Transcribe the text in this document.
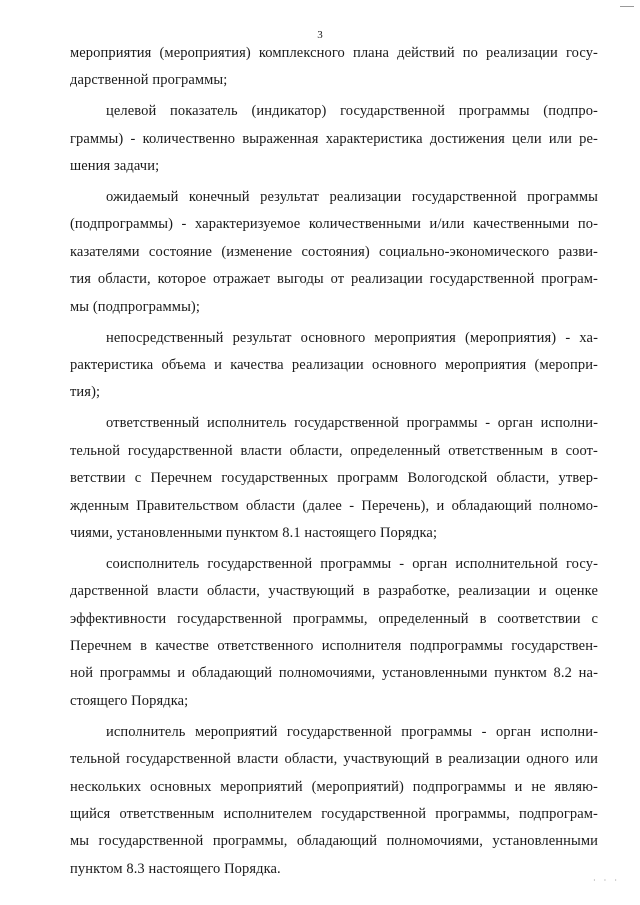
3
мероприятия (мероприятия) комплексного плана действий по реализации госу-
дарственной программы;
целевой показатель (индикатор) государственной программы (подпро-
граммы) - количественно выраженная характеристика достижения цели или ре-
шения задачи;
ожидаемый конечный результат реализации государственной программы
(подпрограммы) - характеризуемое количественными и/или качественными по-
казателями состояние (изменение состояния) социально-экономического разви-
тия области, которое отражает выгоды от реализации государственной програм-
мы (подпрограммы);
непосредственный результат основного мероприятия (мероприятия) - ха-
рактеристика объема и качества реализации основного мероприятия (меропри-
тия);
ответственный исполнитель государственной программы - орган исполни-
тельной государственной власти области, определенный ответственным в соот-
ветствии с Перечнем государственных программ Вологодской области, утвер-
жденным Правительством области (далее - Перечень), и обладающий полномо-
чиями, установленными пунктом 8.1 настоящего Порядка;
соисполнитель государственной программы - орган исполнительной госу-
дарственной власти области, участвующий в разработке, реализации и оценке
эффективности государственной программы, определенный в соответствии с
Перечнем в качестве ответственного исполнителя подпрограммы государствен-
ной программы и обладающий полномочиями, установленными пунктом 8.2 на-
стоящего Порядка;
исполнитель мероприятий государственной программы - орган исполни-
тельной государственной власти области, участвующий в реализации одного или
нескольких основных мероприятий (мероприятий) подпрограммы и не являю-
щийся ответственным исполнителем государственной программы, подпрограм-
мы государственной программы, обладающий полномочиями, установленными
пунктом 8.3 настоящего Порядка.
· · ·
